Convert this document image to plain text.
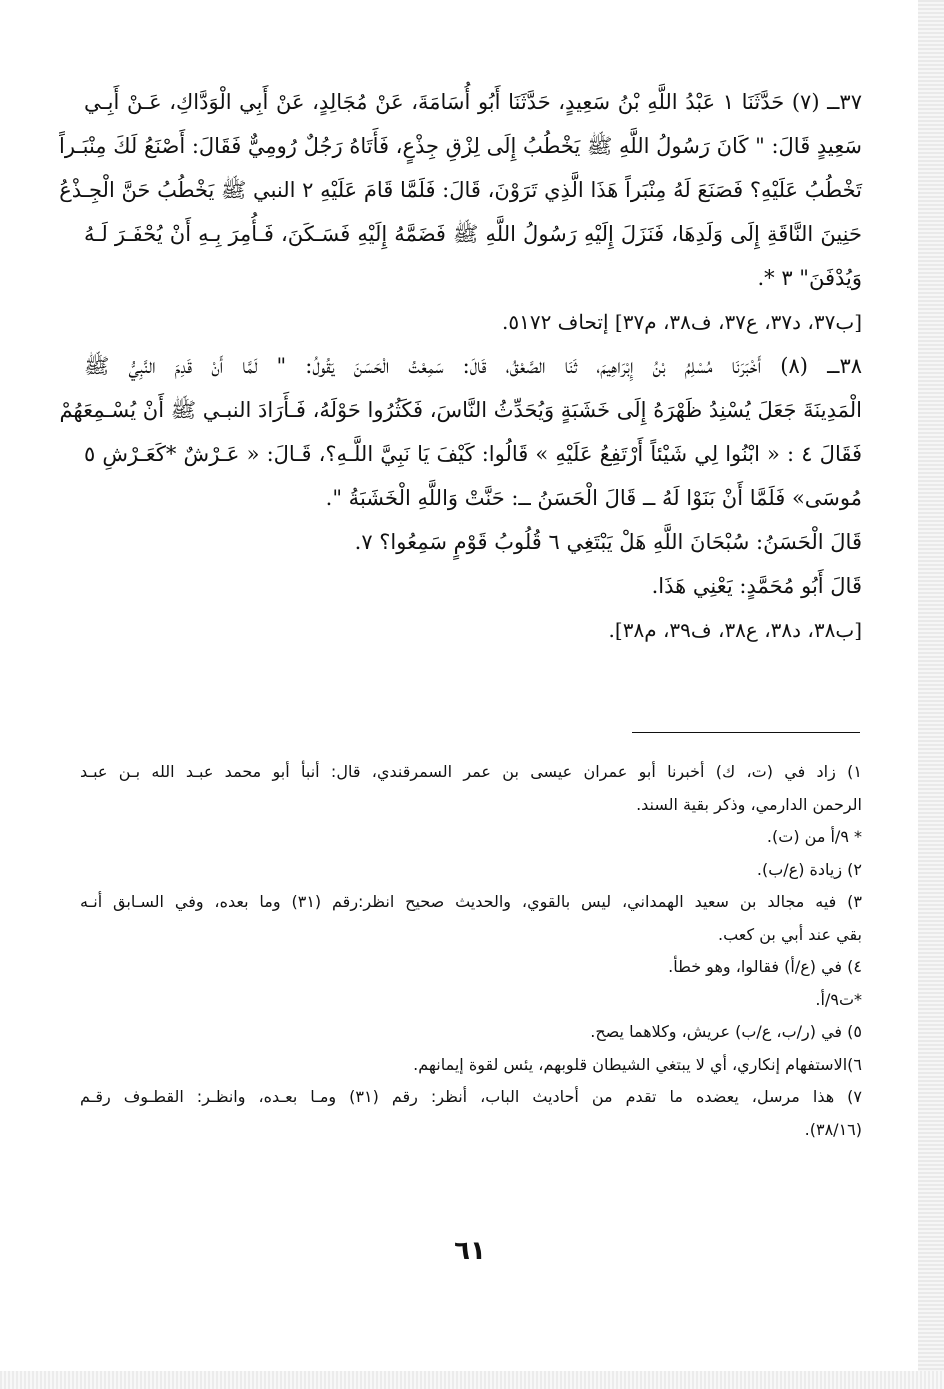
٣٧ــ (٧) حَدَّثَنَا ١ عَبْدُ اللَّهِ بْنُ سَعِيدٍ، حَدَّثَنَا أَبُو أُسَامَةَ، عَنْ مُجَالِدٍ، عَنْ أَبِي الْوَدَّاكِ، عَـنْ أَبِـي
سَعِيدٍ قَالَ: " كَانَ رَسُولُ اللَّهِ ﷺ يَخْطُبُ إِلَى لِزْقِ جِذْعٍ، فَأَتَاهُ رَجُلٌ رُومِيٌّ فَقَالَ: أَصْنَعُ لَكَ مِنْبَـراً
تَخْطُبُ عَلَيْهِ؟ فَصَنَعَ لَهُ مِنْبَراً هَذَا الَّذِي تَرَوْنَ، قَالَ: فَلَمَّا قَامَ عَلَيْهِ ٢ النبي ﷺ يَخْطُبُ حَنَّ الْجِـذْعُ
حَنِينَ النَّاقَةِ إِلَى وَلَدِهَا، فَنَزَلَ إِلَيْهِ رَسُولُ اللَّهِ ﷺ فَضَمَّهُ إِلَيْهِ فَسَـكَنَ، فَـأُمِرَ بِـهِ أَنْ يُحْفَـرَ لَـهُ
وَيُدْفَنَ" ٣ *.
[ب٣٧، د٣٧، ع٣٧، ف٣٨، م٣٧] إتحاف ٥١٧٢.
٣٨ــ (٨) أَخْبَرَنَا مُسْلِمُ بْنُ إِبْرَاهِيمَ، ثَنَا الصَّعْقُ، قَالَ: سَمِعْتُ الْحَسَنَ يَقُولُ: " لَمَّا أَنْ قَدِمَ النَّبِيُّ ﷺ
الْمَدِينَةَ جَعَلَ يُسْنِدُ ظَهْرَهُ إِلَى خَشَبَةٍ وَيُحَدِّثُ النَّاسَ، فَكَثُرُوا حَوْلَهُ، فَـأَرَادَ النبـي ﷺ أَنْ يُسْـمِعَهُمْ
فَقَالَ ٤ : « ابْنُوا لِي شَيْئاً أَرْتَفِعُ عَلَيْهِ » قَالُوا: كَيْفَ يَا نَبِيَّ اللَّـهِ؟، قَـالَ: « عَـرْشٌ *كَعَـرْشِ ٥
مُوسَى» فَلَمَّا أَنْ بَنَوْا لَهُ ــ قَالَ الْحَسَنُ ــ: حَنَّتْ وَاللَّهِ الْخَشَبَةُ ".
قَالَ الْحَسَنُ: سُبْحَانَ اللَّهِ هَلْ يَبْتَغِي ٦ قُلُوبُ قَوْمٍ سَمِعُوا؟ ٧.
قَالَ أَبُو مُحَمَّدٍ: يَعْنِي هَذَا.
[ب٣٨، د٣٨، ع٣٨، ف٣٩، م٣٨].
١) زاد في (ت، ك) أخبرنا أبو عمران عيسى بن عمر السمرقندي، قال: أنبأ أبو محمد عبـد الله بـن عبـد
الرحمن الدارمي، وذكر بقية السند.
* ٩/أ من (ت).
٢) زيادة (ع/ب).
٣) فيه مجالد بن سعيد الهمداني، ليس بالقوي، والحديث صحيح انظر:رقم (٣١) وما بعده، وفي السـابق أنـه
بقي عند أبي بن كعب.
٤) في (ع/أ) فقالوا، وهو خطأ.
*ت٩/أ.
٥) في (ر/ب، ع/ب) عريش، وكلاهما يصح.
٦)الاستفهام إنكاري، أي لا يبتغي الشيطان قلوبهم، يئس لقوة إيمانهم.
٧) هذا مرسل، يعضده ما تقدم من أحاديث الباب، أنظر: رقم (٣١) ومـا بعـده، وانظـر: القطـوف رقـم
(٣٨/١٦).
٦١
